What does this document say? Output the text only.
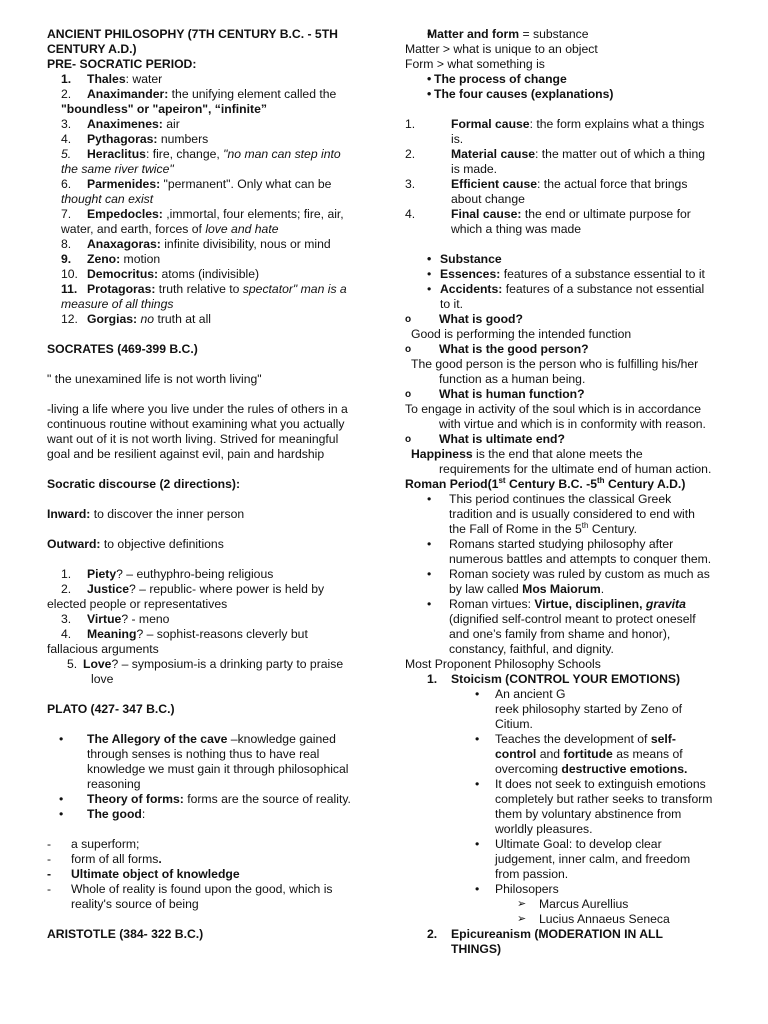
ANCIENT PHILOSOPHY (7TH CENTURY B.C. - 5TH

CENTURY A.D.)

PRE- SOCRATIC PERIOD:

1. Thales: water

2. Anaximander: the unifying element called the

"boundless" or "apeiron", “infinite”

3. Anaximenes: air

4. Pythagoras: numbers

5. Heraclitus: fire, change, "no man can step into

the same river twice"

6. Parmenides: "permanent". Only what can be

thought can exist

7. Empedocles: ,immortal, four elements; fire, air,

water, and earth, forces of love and hate

8. Anaxagoras: infinite divisibility, nous or mind

9. Zeno: motion

10. Democritus: atoms (indivisible)

11. Protagoras: truth relative to spectator" man is a

measure of all things

12. Gorgias: no truth at all

SOCRATES (469-399 B.C.)

" the unexamined life is not worth living"

-living a life where you live under the rules of others in a

continuous routine without examining what you actually

want out of it is not worth living. Strived for meaningful

goal and be resilient against evil, pain and hardship

Socratic discourse (2 directions):

Inward: to discover the inner person

Outward: to objective definitions

1. Piety? – euthyphro-being religious

2. Justice? – republic- where power is held by

elected people or representatives

3. Virtue? - meno

4. Meaning? – sophist-reasons cleverly but

fallacious arguments

5. Love? – symposium-is a drinking party to praise

love

PLATO (427- 347 B.C.)

• The Allegory of the cave –knowledge gained

through senses is nothing thus to have real

knowledge we must gain it through philosophical

reasoning

• Theory of forms: forms are the source of reality.

• The good:

- a superform;

- form of all forms.

- Ultimate object of knowledge

- Whole of reality is found upon the good, which is

reality's source of being

ARISTOTLE (384- 322 B.C.)

• Matter and form = substance

Matter > what is unique to an object

Form > what something is

• The process of change

• The four causes (explanations)

1.	Formal cause: the form explains what a things

is.

2.	Material cause: the matter out of which a thing

is made.

3.	Efficient cause: the actual force that brings

about change

4.	Final cause: the end or ultimate purpose for

which a thing was made

• Substance

• Essences: features of a substance essential to it

• Accidents: features of a substance not essential

to it.

o What is good?

Good is performing the intended function

o What is the good person?

The good person is the person who is fulfilling his/her

function as a human being.

o What is human function?

To engage in activity of the soul which is in accordance

with virtue and which is in conformity with reason.

o What is ultimate end?

Happiness is the end that alone meets the

requirements for the ultimate end of human action.

Roman Period(1st Century B.C. -5th Century A.D.)

• This period continues the classical Greek

tradition and is usually considered to end with

the Fall of Rome in the 5th Century.

• Romans started studying philosophy after

numerous battles and attempts to conquer them.

• Roman society was ruled by custom as much as

by law called Mos Maiorum.

• Roman virtues: Virtue, disciplinen, gravita

(dignified self-control meant to protect oneself

and one’s family from shame and honor),

constancy, faithful, and dignity.

Most Proponent Philosophy Schools

1. Stoicism (CONTROL YOUR EMOTIONS)

• An ancient G

reek philosophy started by Zeno of

Citium.

• Teaches the development of self-

control and fortitude as means of

overcoming destructive emotions.

• It does not seek to extinguish emotions

completely but rather seeks to transform

them by voluntary abstinence from

worldly pleasures.

• Ultimate Goal: to develop clear

judgement, inner calm, and freedom

from passion.

• Philosopers

➢ Marcus Aurellius

➢ Lucius Annaeus Seneca

2. Epicureanism (MODERATION IN ALL

THINGS)
